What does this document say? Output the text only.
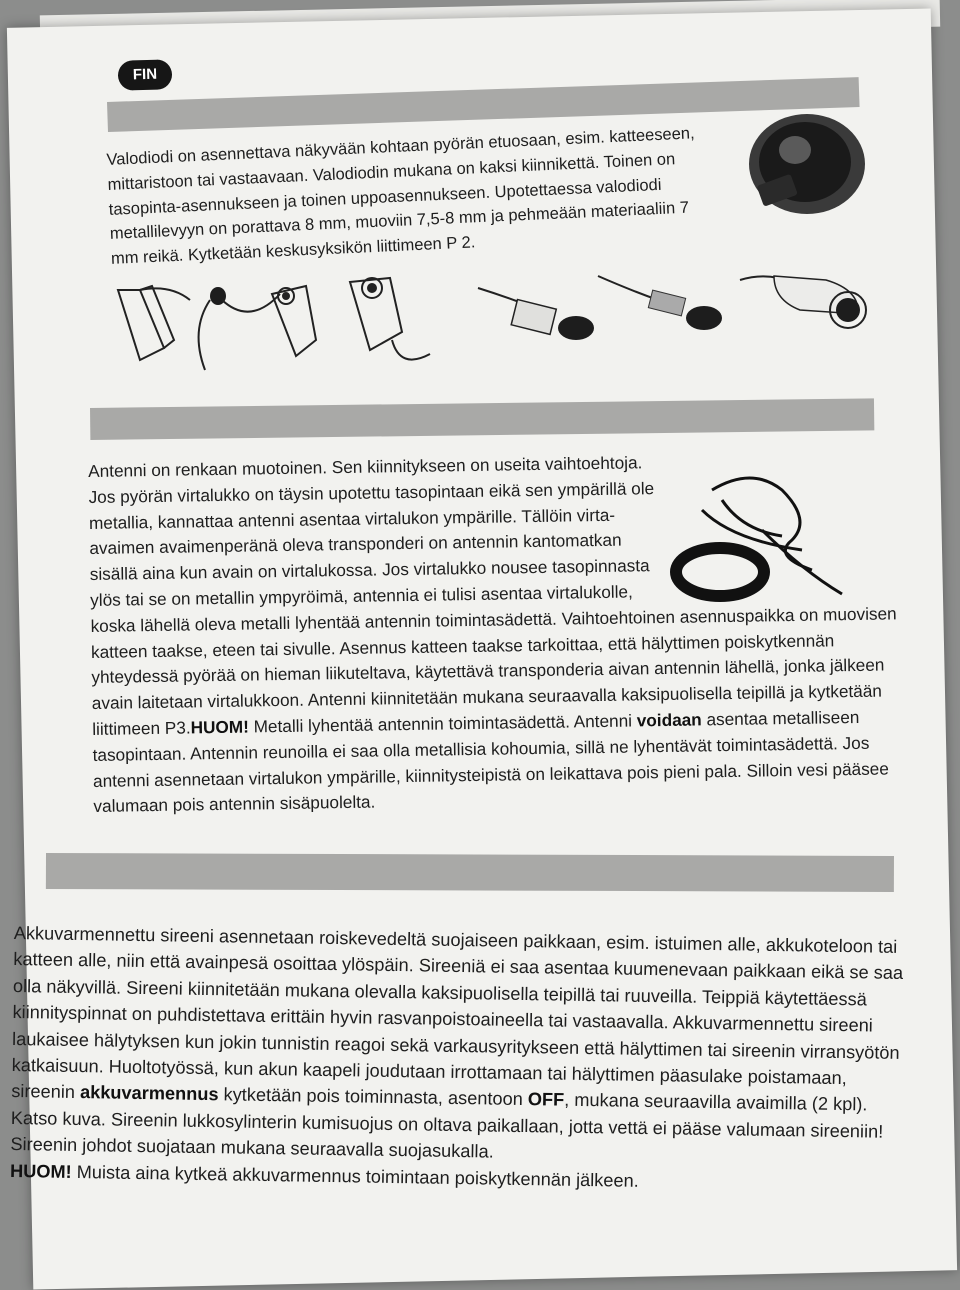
FIN

Valodiodi on asennettava näkyvään kohtaan pyörän etuosaan, esim. katteeseen, mittaristoon tai vastaavaan. Valodiodin mukana on kaksi kiinnikettä. Toinen on tasopinta-asennukseen ja toinen uppoasennukseen. Upotettaessa valodiodi metallilevyyn on porattava 8 mm, muoviin 7,5-8 mm ja pehmeään materiaaliin 7 mm reikä. Kytketään keskusyksikön liittimeen P 2.

Antenni on renkaan muotoinen. Sen kiinnitykseen on useita vaihtoehtoja. Jos pyörän virtalukko on täysin upotettu tasopintaan eikä sen ympärillä ole metallia, kannattaa antenni asentaa virtalukon ympärille. Tällöin virta-avaimen avaimenperänä oleva transponderi on antennin kantomatkan sisällä aina kun avain on virtalukossa. Jos virtalukko nousee tasopinnasta ylös tai se on metallin ympyröimä, antennia ei tulisi asentaa virtalukolle, koska lähellä oleva metalli lyhentää antennin toimintasädettä. Vaihtoehtoinen asennuspaikka on muovisen katteen taakse, eteen tai sivulle. Asennus katteen taakse tarkoittaa, että hälyttimen poiskytkennän yhteydessä pyörää on hieman liikuteltava, käytettävä transponderia aivan antennin lähellä, jonka jälkeen avain laitetaan virtalukkoon. Antenni kiinnitetään mukana seuraavalla kaksipuolisella teipillä ja kytketään liittimeen P3.HUOM! Metalli lyhentää antennin toimintasädettä. Antenni voidaan asentaa metalliseen tasopintaan. Antennin reunoilla ei saa olla metallisia kohoumia, sillä ne lyhentävät toimintasädettä. Jos antenni asennetaan virtalukon ympärille, kiinnitysteipistä on leikattava pois pieni pala. Silloin vesi pääsee valumaan pois antennin sisäpuolelta.

Akkuvarmennettu sireeni asennetaan roiskevedeltä suojaiseen paikkaan, esim. istuimen alle, akkukoteloon tai katteen alle, niin että avainpesä osoittaa ylöspäin. Sireeniä ei saa asentaa kuumenevaan paikkaan eikä se saa olla näkyvillä. Sireeni kiinnitetään mukana olevalla kaksipuolisella teipillä tai ruuveilla. Teippiä käytettäessä kiinnityspinnat on puhdistettava erittäin hyvin rasvanpoistoaineella tai vastaavalla. Akkuvarmennettu sireeni laukaisee hälytyksen kun jokin tunnistin reagoi sekä varkausyritykseen että hälyttimen tai sireenin virransyötön katkaisuun. Huoltotyössä, kun akun kaapeli joudutaan irrottamaan tai hälyttimen päasulake poistamaan, sireenin akkuvarmennus kytketään pois toiminnasta, asentoon OFF, mukana seuraavilla avaimilla (2 kpl). Katso kuva. Sireenin lukkosylinterin kumisuojus on oltava paikallaan, jotta vettä ei pääse valumaan sireeniin! Sireenin johdot suojataan mukana seuraavalla suojasukalla.

HUOM! Muista aina kytkeä akkuvarmennus toimintaan poiskytkennän jälkeen.
